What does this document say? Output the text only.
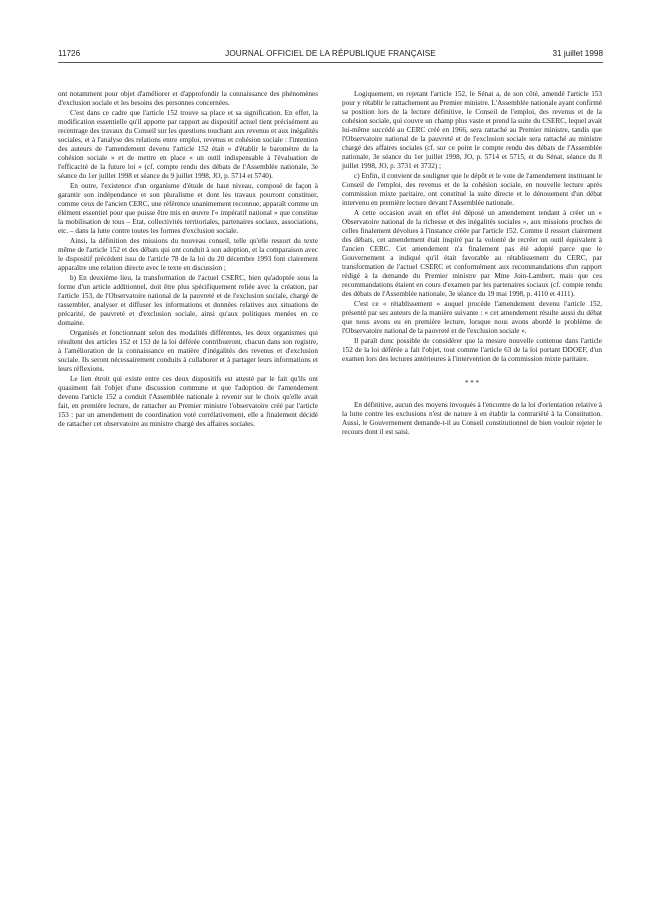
11726	JOURNAL OFFICIEL DE LA RÉPUBLIQUE FRANÇAISE	31 juillet 1998

ont notamment pour objet d'améliorer et d'approfondir la connaissance des phénomènes d'exclusion sociale et les besoins des personnes concernées.

C'est dans ce cadre que l'article 152 trouve sa place et sa signification. En effet, la modification essentielle qu'il apporte par rapport au dispositif actuel tient précisément au recentrage des travaux du Conseil sur les questions touchant aux revenus et aux inégalités sociales, et à l'analyse des relations entre emploi, revenus et cohésion sociale : l'intention des auteurs de l'amendement devenu l'article 152 était « d'établir le baromètre de la cohésion sociale » et de mettre en place « un outil indispensable à l'évaluation de l'efficacité de la future loi » (cf. compte rendu des débats de l'Assemblée nationale, 3e séance du 1er juillet 1998 et séance du 9 juillet 1998, JO, p. 5714 et 5740).

En outre, l'existence d'un organisme d'étude de haut niveau, composé de façon à garantir son indépendance et son pluralisme et dont les travaux pourront constituer, comme ceux de l'ancien CERC, une référence unanimement reconnue, apparaît comme un élément essentiel pour que puisse être mis en œuvre l'« impératif national » que constitue la mobilisation de tous – Etat, collectivités territoriales, partenaires sociaux, associations, etc. – dans la lutte contre toutes les formes d'exclusion sociale.

Ainsi, la définition des missions du nouveau conseil, telle qu'elle ressort du texte même de l'article 152 et des débats qui ont conduit à son adoption, et la comparaison avec le dispositif précédent issu de l'article 78 de la loi du 20 décembre 1993 font clairement apparaître une relation directe avec le texte en discussion ;

b) En deuxième lieu, la transformation de l'actuel CSERC, bien qu'adoptée sous la forme d'un article additionnel, doit être plus spécifiquement reliée avec la création, par l'article 153, de l'Observatoire national de la pauvreté et de l'exclusion sociale, chargé de rassembler, analyser et diffuser les informations et données relatives aux situations de précarité, de pauvreté et d'exclusion sociale, ainsi qu'aux politiques menées en ce domaine.

Organisés et fonctionnant selon des modalités différentes, les deux organismes qui résultent des articles 152 et 153 de la loi déférée contribueront, chacun dans son registre, à l'amélioration de la connaissance en matière d'inégalités des revenus et d'exclusion sociale. Ils seront nécessairement conduits à collaborer et à partager leurs informations et leurs réflexions.

Le lien étroit qui existe entre ces deux dispositifs est attesté par le fait qu'ils ont quasiment fait l'objet d'une discussion commune et que l'adoption de l'amendement devenu l'article 152 a conduit l'Assemblée nationale à revenir sur le choix qu'elle avait fait, en première lecture, de rattacher au Premier ministre l'observatoire créé par l'article 153 : par un amendement de coordination voté corrélativement, elle a finalement décidé de rattacher cet observatoire au ministre chargé des affaires sociales.

Logiquement, en rejetant l'article 152, le Sénat a, de son côté, amendé l'article 153 pour y rétablir le rattachement au Premier ministre. L'Assemblée nationale ayant confirmé sa position lors de la lecture définitive, le Conseil de l'emploi, des revenus et de la cohésion sociale, qui couvre un champ plus vaste et prend la suite du CSERC, lequel avait lui-même succédé au CERC créé en 1966, sera rattaché au Premier ministre, tandis que l'Observatoire national de la pauvreté et de l'exclusion sociale sera rattaché au ministre chargé des affaires sociales (cf. sur ce point le compte rendu des débats de l'Assemblée nationale, 3e séance du 1er juillet 1998, JO, p. 5714 et 5715, et du Sénat, séance du 8 juillet 1998, JO, p. 3731 et 3732) ;

c) Enfin, il convient de souligner que le dépôt et le vote de l'amendement instituant le Conseil de l'emploi, des revenus et de la cohésion sociale, en nouvelle lecture après commission mixte paritaire, ont constitué la suite directe et le dénouement d'un débat intervenu en première lecture devant l'Assemblée nationale.

A cette occasion avait en effet été déposé un amendement tendant à créer un « Observatoire national de la richesse et des inégalités sociales », aux missions proches de celles finalement dévolues à l'instance créée par l'article 152. Comme il ressort clairement des débats, cet amendement était inspiré par la volonté de recréer un outil équivalent à l'ancien CERC. Cet amendement n'a finalement pas été adopté parce que le Gouvernement a indiqué qu'il était favorable au rétablissement du CERC, par transformation de l'actuel CSERC et conformément aux recommandations d'un rapport rédigé à la demande du Premier ministre par Mme Join-Lambert, mais que ces recommandations étaient en cours d'examen par les partenaires sociaux (cf. compte rendu des débats de l'Assemblée nationale, 3e séance du 19 mai 1998, p. 4110 et 4111).

C'est ce « rétablissement » auquel procède l'amendement devenu l'article 152, présenté par ses auteurs de la manière suivante : « cet amendement résulte aussi du débat que nous avons eu en première lecture, lorsque nous avons abordé le problème de l'Observatoire national de la pauvreté et de l'exclusion sociale ».

Il paraît donc possible de considérer que la mesure nouvelle contenue dans l'article 152 de la loi déférée a fait l'objet, tout comme l'article 63 de la loi portant DDOEF, d'un examen lors des lectures antérieures à l'intervention de la commission mixte paritaire.

* * *

En définitive, aucun des moyens invoqués à l'encontre de la loi d'orientation relative à la lutte contre les exclusions n'est de nature à en établir la contrariété à la Constitution. Aussi, le Gouvernement demande-t-il au Conseil constitutionnel de bien vouloir rejeter le recours dont il est saisi.
